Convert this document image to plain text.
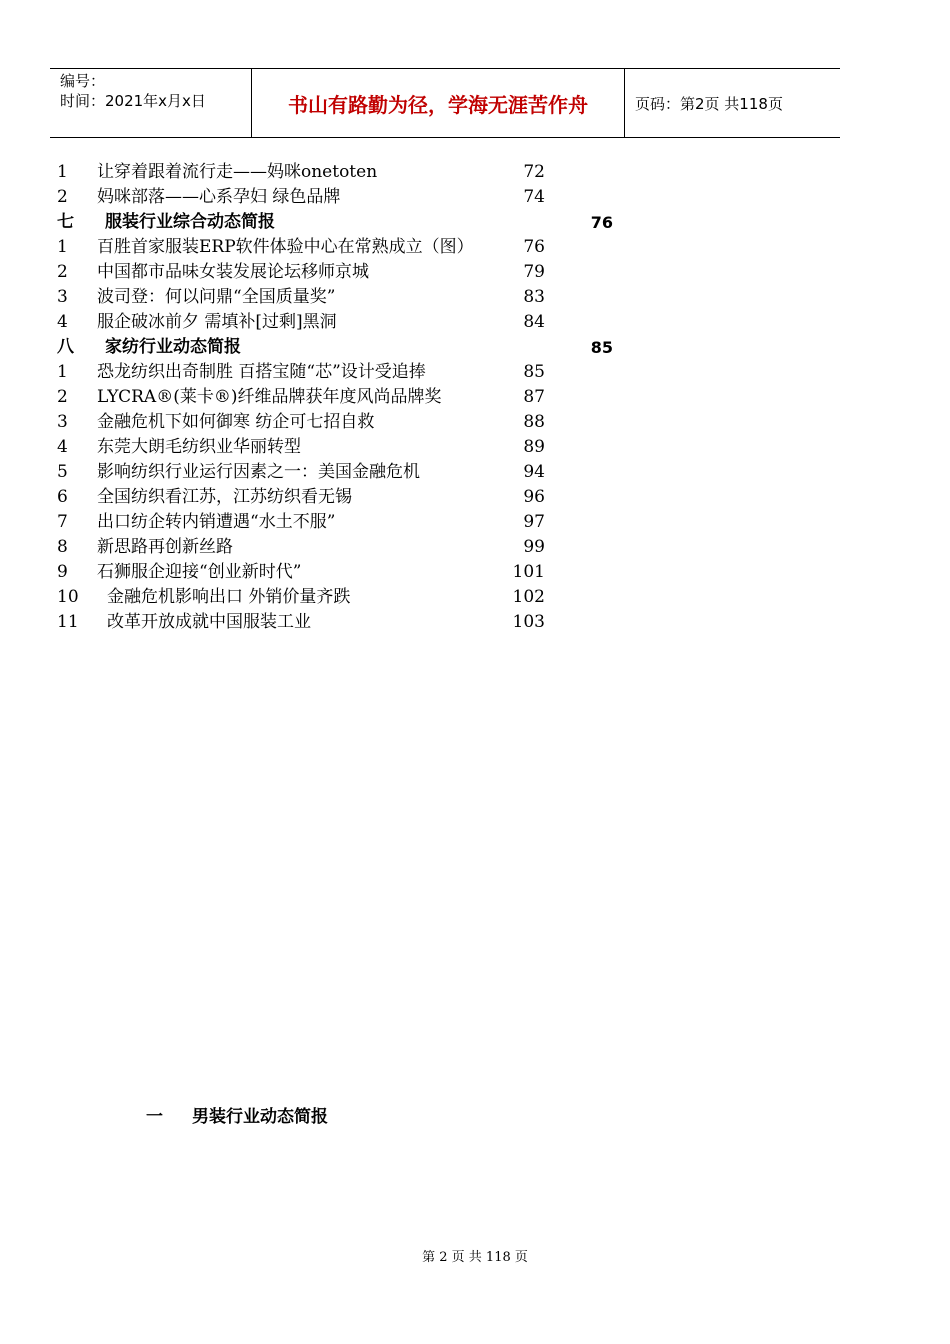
编号：
时间：2021年x月x日	书山有路勤为径，学海无涯苦作舟	页码：第2页 共118页
1 让穿着跟着流行走——妈咪onetoten	72
2 妈咪部落——心系孕妇 绿色品牌	74
七 服装行业综合动态简报	76
1 百胜首家服装ERP软件体验中心在常熟成立（图）	76
2 中国都市品味女装发展论坛移师京城	79
3 波司登：何以问鼎“全国质量奖”	83
4 服企破冰前夕 需填补[过剩]黑洞	84
八 家纺行业动态简报	85
1 恐龙纺织出奇制胜 百搭宝随“芯”设计受追捧	85
2 LYCRA®(莱卡®)纤维品牌获年度风尚品牌奖	87
3 金融危机下如何御寒 纺企可七招自救	88
4 东莞大朗毛纺织业华丽转型	89
5 影响纺织行业运行因素之一：美国金融危机	94
6 全国纺织看江苏，江苏纺织看无锡	96
7 出口纺企转内销遭遇“水土不服”	97
8 新思路再创新丝路	99
9 石狮服企迎接“创业新时代”	101
10 金融危机影响出口 外销价量齐跌	102
11 改革开放成就中国服装工业	103
一 男装行业动态简报
第 2 页 共 118 页
